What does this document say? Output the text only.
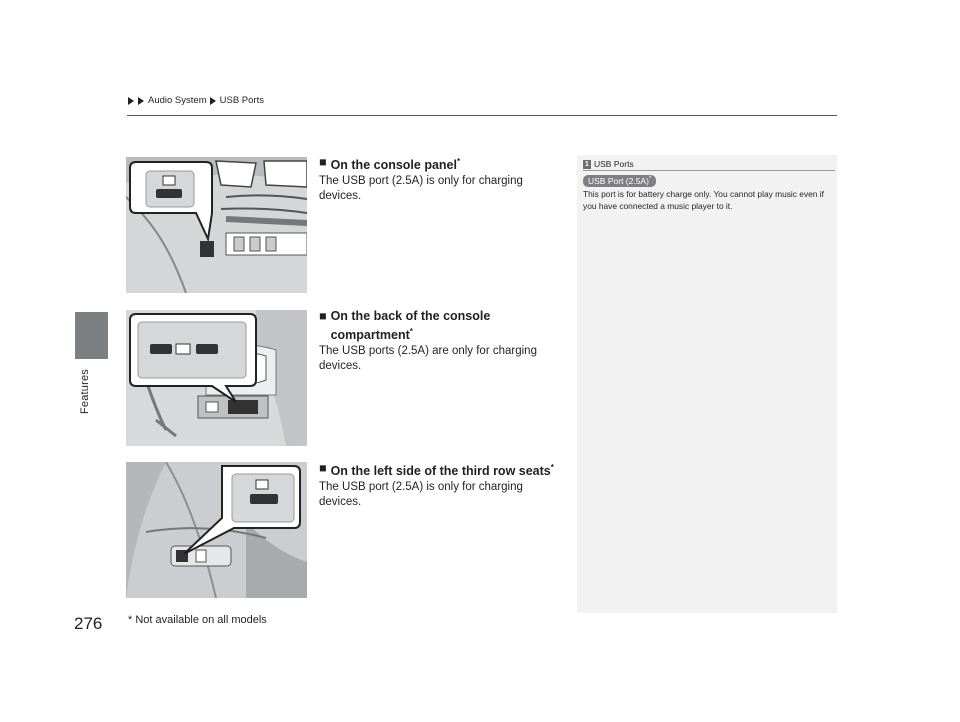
Audio System USB Ports
Features
■ On the console panel*
The USB port (2.5A) is only for charging devices.
■ On the back of the console compartment*
The USB ports (2.5A) are only for charging devices.
■ On the left side of the third row seats*
The USB port (2.5A) is only for charging devices.
1 USB Ports
USB Port (2.5A)*
This port is for battery charge only. You cannot play music even if you have connected a music player to it.
276 * Not available on all models
